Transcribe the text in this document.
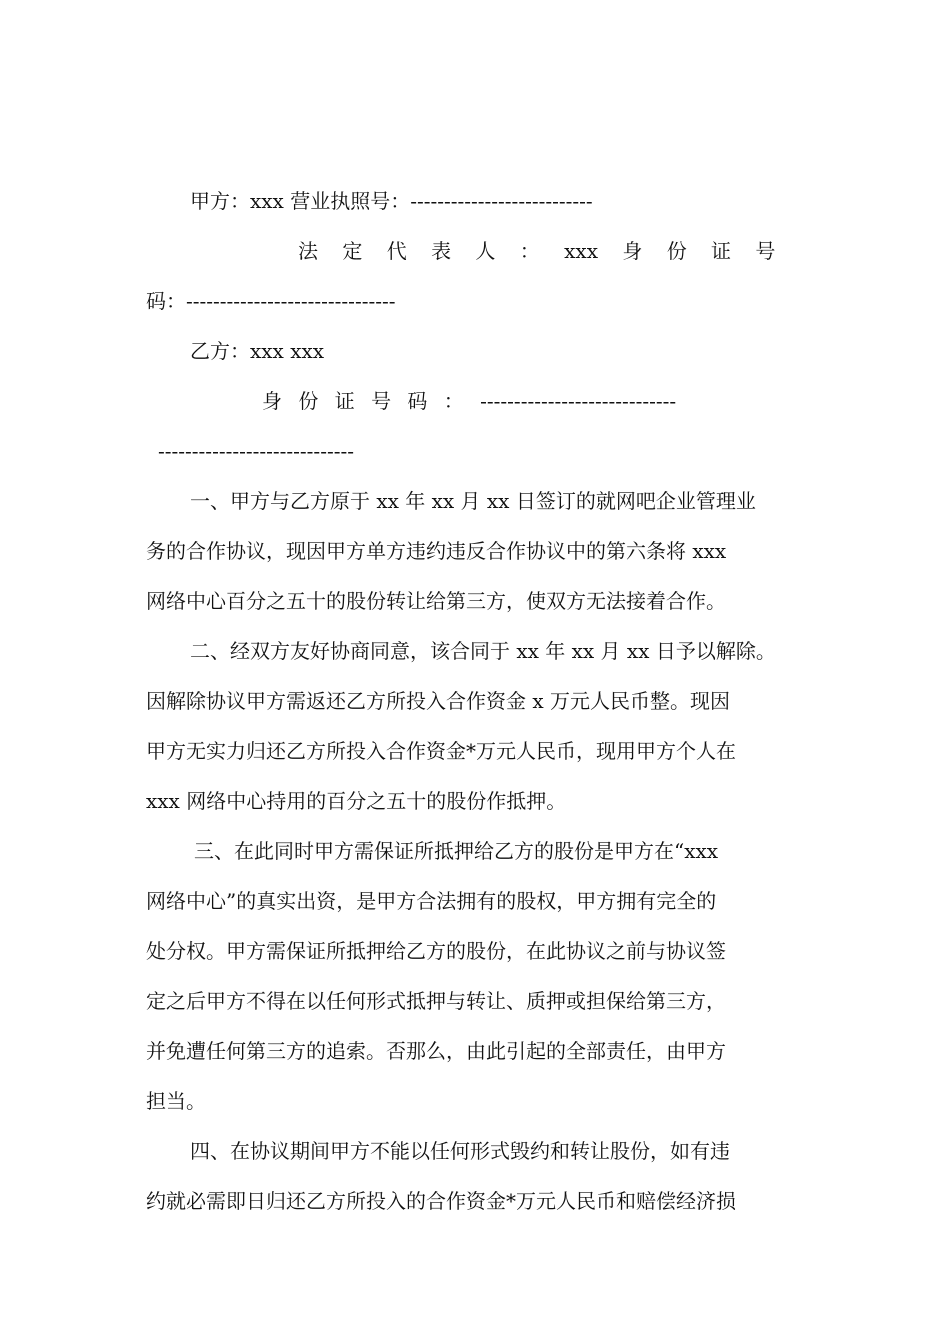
甲方：xxx 营业执照号：---------------------------
法 定 代 表 人 ： xxx 身 份 证 号
码：-------------------------------
乙方：xxx xxx
身 份 证 号 码 ： -----------------------------
-----------------------------
一、甲方与乙方原于 xx 年 xx 月 xx 日签订的就网吧企业管理业
务的合作协议，现因甲方单方违约违反合作协议中的第六条将 xxx
网络中心百分之五十的股份转让给第三方，使双方无法接着合作。
二、经双方友好协商同意，该合同于 xx 年 xx 月 xx 日予以解除。
因解除协议甲方需返还乙方所投入合作资金 x 万元人民币整。现因
甲方无实力归还乙方所投入合作资金*万元人民币，现用甲方个人在
xxx 网络中心持用的百分之五十的股份作抵押。
三、在此同时甲方需保证所抵押给乙方的股份是甲方在“xxx
网络中心”的真实出资，是甲方合法拥有的股权，甲方拥有完全的
处分权。甲方需保证所抵押给乙方的股份，在此协议之前与协议签
定之后甲方不得在以任何形式抵押与转让、质押或担保给第三方，
并免遭任何第三方的追索。否那么，由此引起的全部责任，由甲方
担当。
四、在协议期间甲方不能以任何形式毁约和转让股份，如有违
约就必需即日归还乙方所投入的合作资金*万元人民币和赔偿经济损
